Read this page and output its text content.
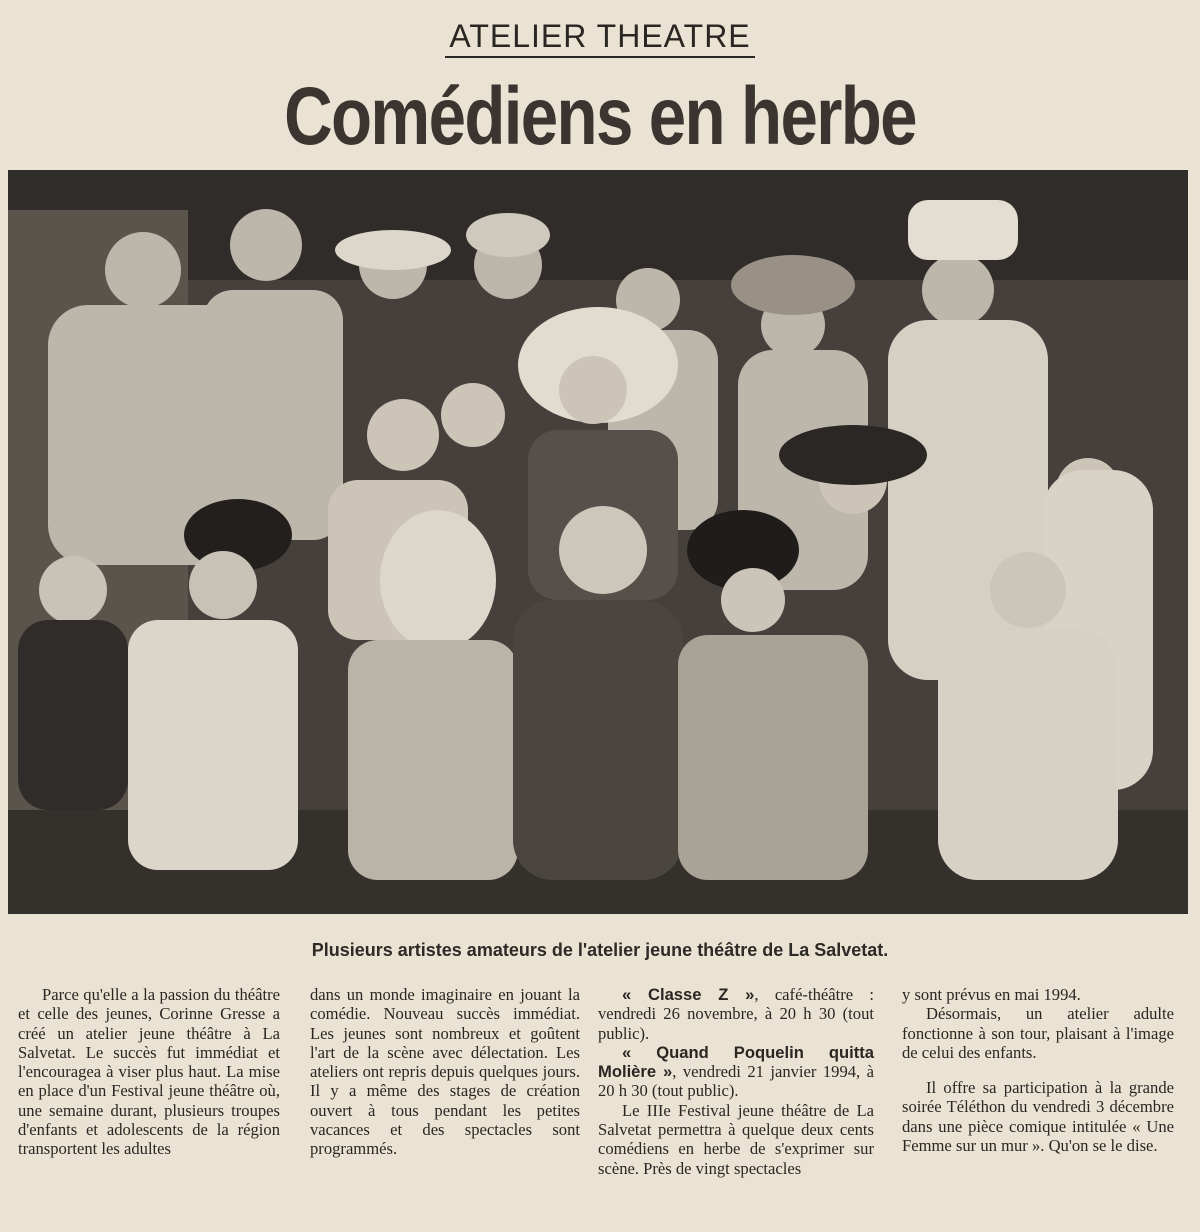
ATELIER THEATRE
Comédiens en herbe
Plusieurs artistes amateurs de l'atelier jeune théâtre de La Salvetat.

Parce qu'elle a la passion du théâtre et celle des jeunes, Corinne Gresse a créé un atelier jeune théâtre à La Salvetat. Le succès fut immédiat et l'encouragea à viser plus haut. La mise en place d'un Festival jeune théâtre où, une semaine durant, plusieurs troupes d'enfants et adolescents de la région transportent les adultes

dans un monde imaginaire en jouant la comédie. Nouveau succès immédiat. Les jeunes sont nombreux et goûtent l'art de la scène avec délectation. Les ateliers ont repris depuis quelques jours. Il y a même des stages de création ouvert à tous pendant les petites vacances et des spectacles sont programmés.

« Classe Z », café-théâtre : vendredi 26 novembre, à 20 h 30 (tout public).

« Quand Poquelin quitta Molière », vendredi 21 janvier 1994, à 20 h 30 (tout public).

Le IIIe Festival jeune théâtre de La Salvetat permettra à quelque deux cents comédiens en herbe de s'exprimer sur scène. Près de vingt spectacles

y sont prévus en mai 1994.

Désormais, un atelier adulte fonctionne à son tour, plaisant à l'image de celui des enfants.

Il offre sa participation à la grande soirée Téléthon du vendredi 3 décembre dans une pièce comique intitulée « Une Femme sur un mur ». Qu'on se le dise.
